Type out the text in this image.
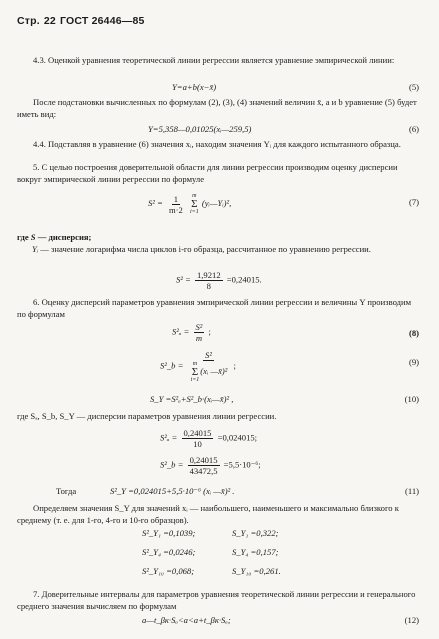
Стр. 22 ГОСТ 26446—85
4.3. Оценкой уравнения теоретической линии регрессии является уравнение эмпирической линии:
Y=a+b(x−x̄)	(5)
После подстановки вычисленных по формулам (2), (3), (4) значений величин x̄, a и b уравнение (5) будет иметь вид:
Y=5,358—0,01025(xᵢ—259,5)	(6)
4.4. Подставляя в уравнение (6) значения xᵢ, находим значения Yᵢ для каждого испытанного образца.
5. С целью построения доверительной области для линии регрессии производим оценку дисперсии вокруг эмпирической линии регрессии по формуле
$S^2 = \frac{1}{m\cdot 2}$
m
Σ
i=1
(yᵢ—Yᵢ)²,	(7)
где S — дисперсия;
Yᵢ — значение логарифма числа циклов i-го образца, рассчитанное по уравнению регрессии.
$S^2 = \frac{1,9212}{8} =0,24015$.
6. Оценку дисперсий параметров уравнения эмпирической линии регрессии и величины Y производим по формулам
$S^2_a = \frac{\text{S²}}{m}$ ;	(8)
S²_b = S²
m
Σ
i=1
(xᵢ —x̄)² ;	(9)
S_Y =S²ₐ+S²_b·(xᵢ—x̄)² ,	(10)
где Sₐ, S_b, S_Y — дисперсии параметров уравнения линии регрессии.
$S^2_a = \frac{0,24015}{10} =0,024015$;
S²_b = $\frac{0,24015}{43472,5} =5,5\cdot 10^{-6}$;
Тогда	S²_Y =0,024015+5,5·10⁻⁶ (xᵢ —x̄)² .	(11)
Определяем значения S_Y для значений xᵢ — наибольшего, наименьшего и максимально близкого к среднему (т. е. для 1-го, 4-го и 10-го образцов).
S²_Y₁ =0,1039;	S_Y₁ =0,322;
S²_Y₄ =0,0246;	S_Y₄ =0,157;
S²_Y₁₀ =0,068;	S_Y₁₀ =0,261.
7. Доверительные интервалы для параметров уравнения теоретической линии регрессии и генерального среднего значения вычисляем по формулам
a—t_βк·Sₐ<a<a+t_βк·Sₐ;	(12)
